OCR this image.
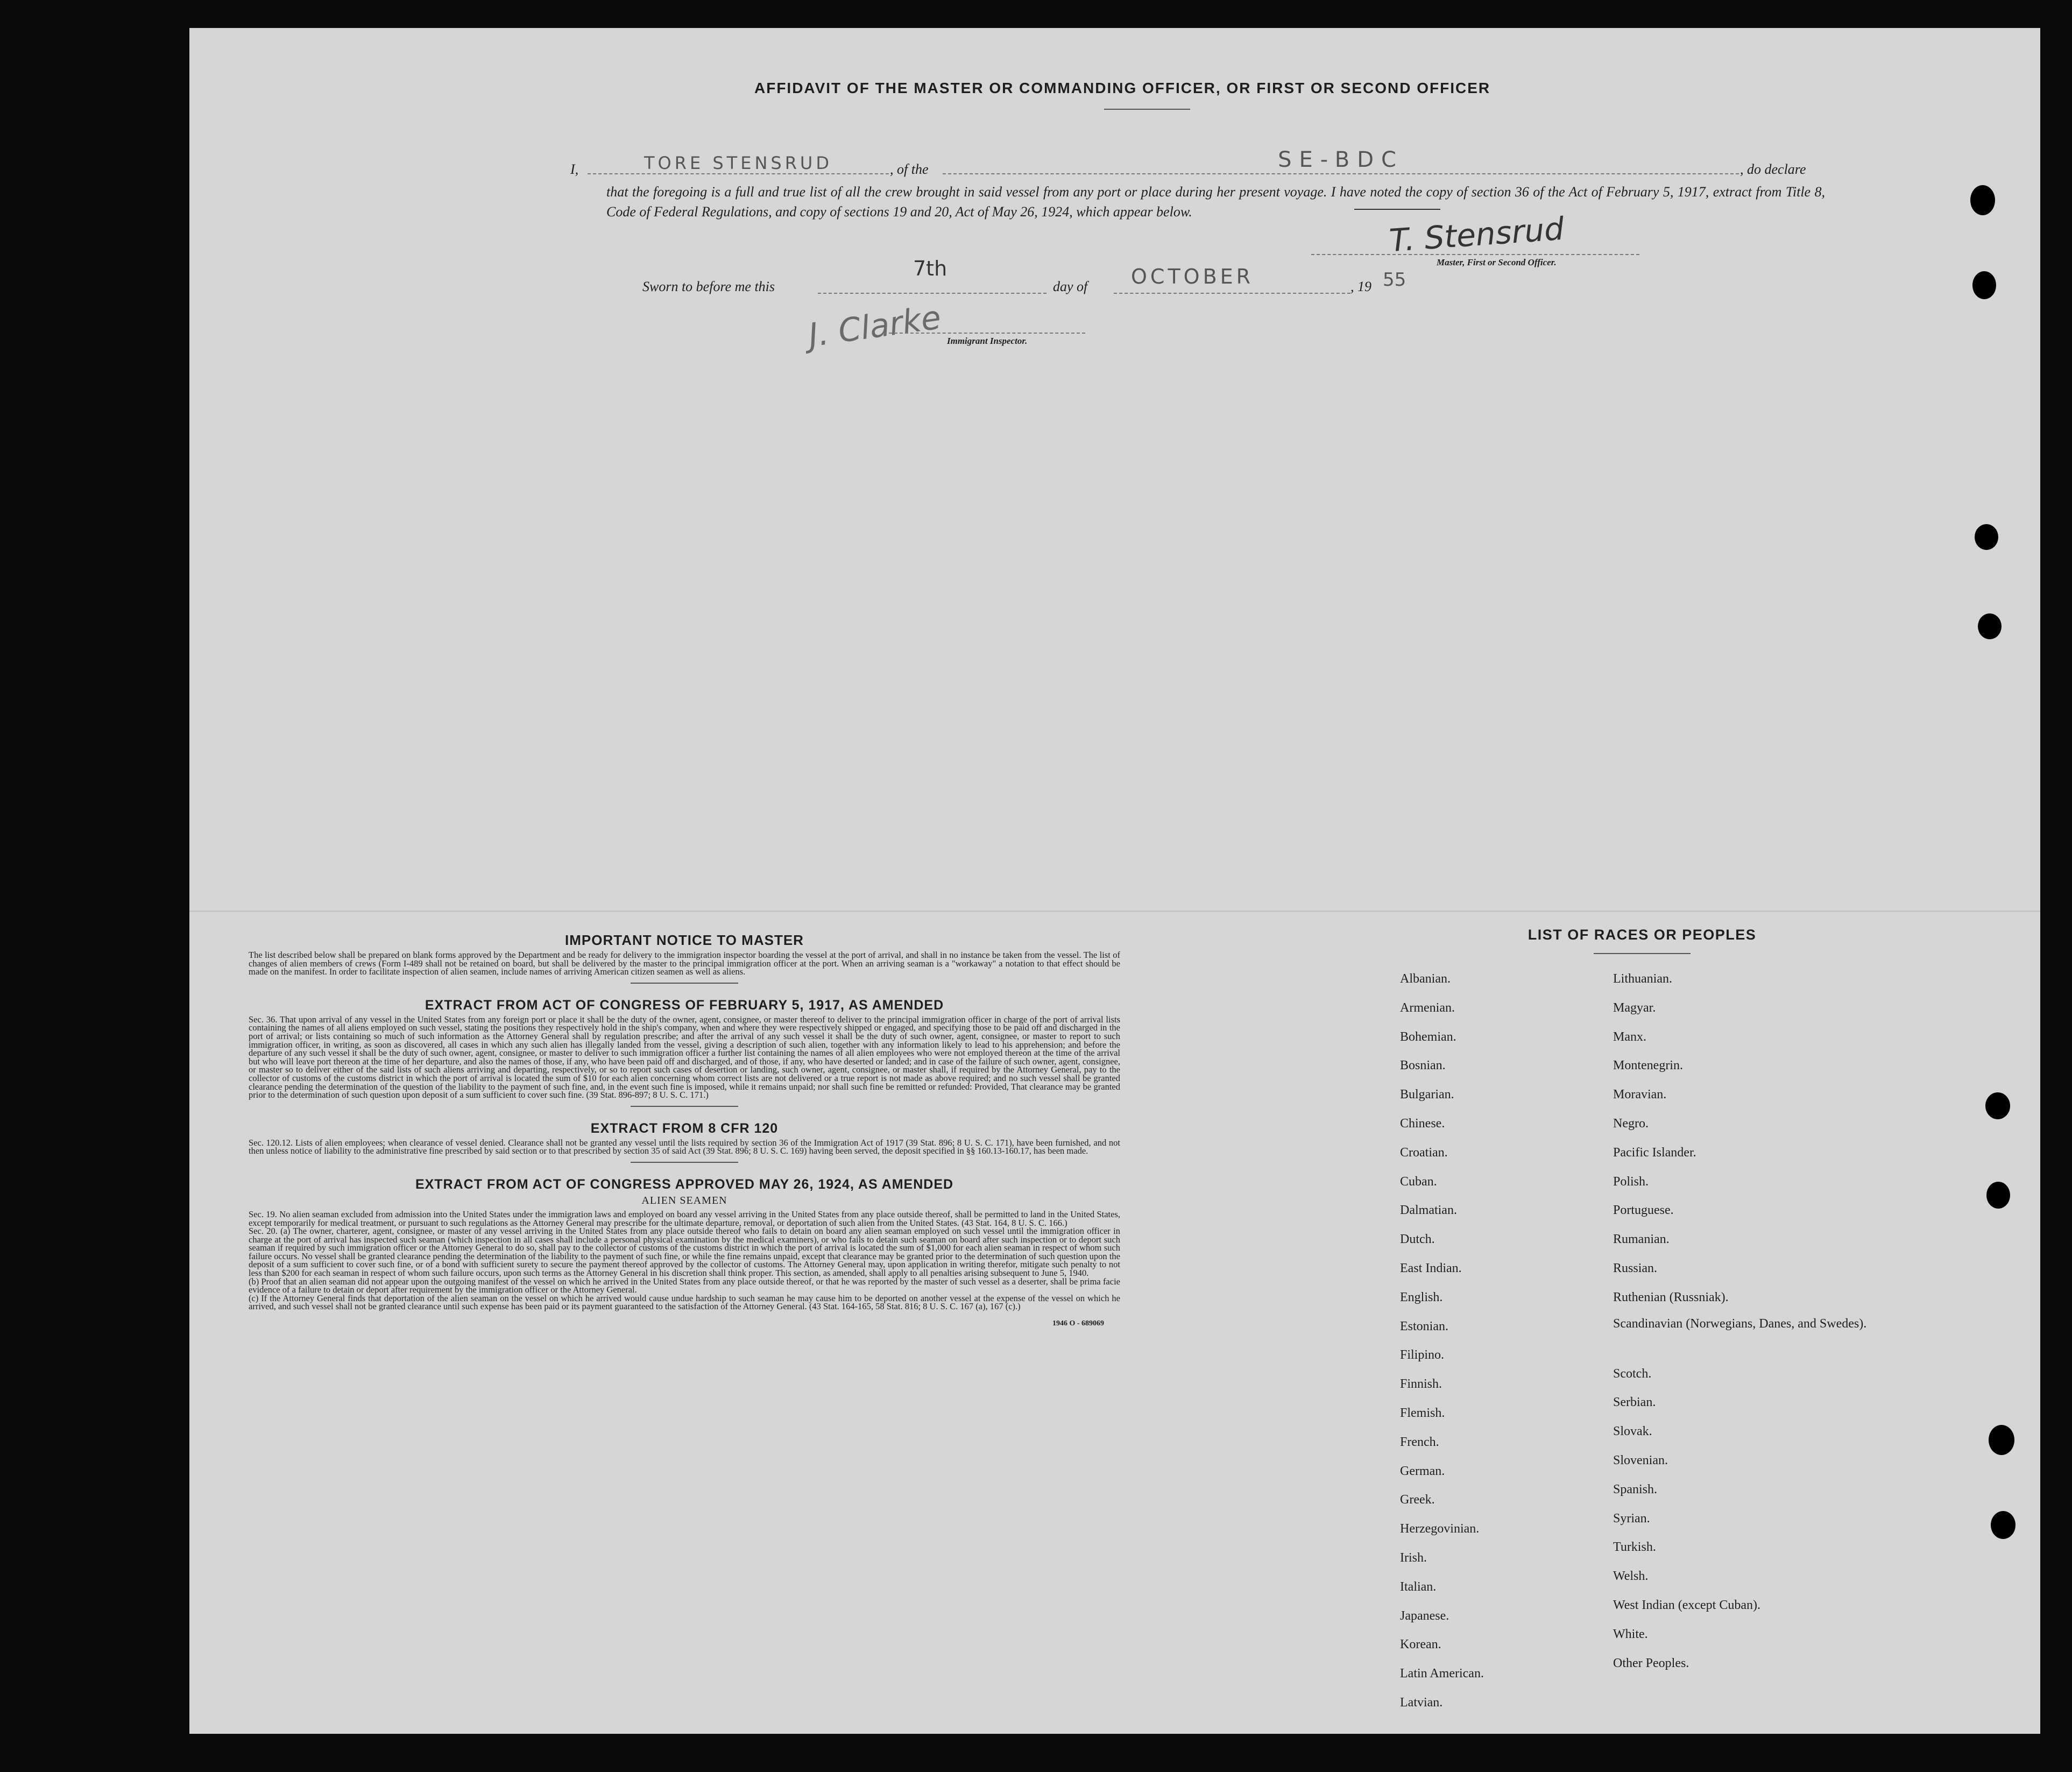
AFFIDAVIT OF THE MASTER OR COMMANDING OFFICER, OR FIRST OR SECOND OFFICER
I,	TORE STENSRUD	, of the	SE-BDC	, do declare
that the foregoing is a full and true list of all the crew brought in said vessel from any port or place during her present voyage. I have noted the copy of section 36 of the Act of February 5, 1917, extract from Title 8, Code of Federal Regulations, and copy of sections 19 and 20, Act of May 26, 1924, which appear below.	T. Stensrud
Master, First or Second Officer.
Sworn to before me this
7th
day of OCTOBER	, 19 55
J. Clarke Immigrant Inspector.
IMPORTANT NOTICE TO MASTER

The list described below shall be prepared on blank forms approved by the Department and be ready for delivery to the immigration inspector boarding the vessel at the port of arrival, and shall in no instance be taken from the vessel. The list of changes of alien members of crews (Form I-489 shall not be retained on board, but shall be delivered by the master to the principal immigration officer at the port. When an arriving seaman is a "workaway" a notation to that effect should be made on the manifest. In order to facilitate inspection of alien seamen, include names of arriving American citizen seamen as well as aliens.

EXTRACT FROM ACT OF CONGRESS OF FEBRUARY 5, 1917, AS AMENDED

Sec. 36. That upon arrival of any vessel in the United States from any foreign port or place it shall be the duty of the owner, agent, consignee, or master thereof to deliver to the principal immigration officer in charge of the port of arrival lists containing the names of all aliens employed on such vessel, stating the positions they respectively hold in the ship's company, when and where they were respectively shipped or engaged, and specifying those to be paid off and discharged in the port of arrival; or lists containing so much of such information as the Attorney General shall by regulation prescribe; and after the arrival of any such vessel it shall be the duty of such owner, agent, consignee, or master to report to such immigration officer, in writing, as soon as discovered, all cases in which any such alien has illegally landed from the vessel, giving a description of such alien, together with any information likely to lead to his apprehension; and before the departure of any such vessel it shall be the duty of such owner, agent, consignee, or master to deliver to such immigration officer a further list containing the names of all alien employees who were not employed thereon at the time of the arrival but who will leave port thereon at the time of her departure, and also the names of those, if any, who have been paid off and discharged, and of those, if any, who have deserted or landed; and in case of the failure of such owner, agent, consignee, or master so to deliver either of the said lists of such aliens arriving and departing, respectively, or so to report such cases of desertion or landing, such owner, agent, consignee, or master shall, if required by the Attorney General, pay to the collector of customs of the customs district in which the port of arrival is located the sum of $10 for each alien concerning whom correct lists are not delivered or a true report is not made as above required; and no such vessel shall be granted clearance pending the determination of the question of the liability to the payment of such fine, and, in the event such fine is imposed, while it remains unpaid; nor shall such fine be remitted or refunded: Provided, That clearance may be granted prior to the determination of such question upon deposit of a sum sufficient to cover such fine. (39 Stat. 896-897; 8 U. S. C. 171.)

EXTRACT FROM 8 CFR 120

Sec. 120.12. Lists of alien employees; when clearance of vessel denied. Clearance shall not be granted any vessel until the lists required by section 36 of the Immigration Act of 1917 (39 Stat. 896; 8 U. S. C. 171), have been furnished, and not then unless notice of liability to the administrative fine prescribed by said section or to that prescribed by section 35 of said Act (39 Stat. 896; 8 U. S. C. 169) having been served, the deposit specified in §§ 160.13-160.17, has been made.

EXTRACT FROM ACT OF CONGRESS APPROVED MAY 26, 1924, AS AMENDED
ALIEN SEAMEN

Sec. 19. No alien seaman excluded from admission into the United States under the immigration laws and employed on board any vessel arriving in the United States from any place outside thereof, shall be permitted to land in the United States, except temporarily for medical treatment, or pursuant to such regulations as the Attorney General may prescribe for the ultimate departure, removal, or deportation of such alien from the United States. (43 Stat. 164, 8 U. S. C. 166.)

Sec. 20. (a) The owner, charterer, agent, consignee, or master of any vessel arriving in the United States from any place outside thereof who fails to detain on board any alien seaman employed on such vessel until the immigration officer in charge at the port of arrival has inspected such seaman (which inspection in all cases shall include a personal physical examination by the medical examiners), or who fails to detain such seaman on board after such inspection or to deport such seaman if required by such immigration officer or the Attorney General to do so, shall pay to the collector of customs of the customs district in which the port of arrival is located the sum of $1,000 for each alien seaman in respect of whom such failure occurs. No vessel shall be granted clearance pending the determination of the liability to the payment of such fine, or while the fine remains unpaid, except that clearance may be granted prior to the determination of such question upon the deposit of a sum sufficient to cover such fine, or of a bond with sufficient surety to secure the payment thereof approved by the collector of customs. The Attorney General may, upon application in writing therefor, mitigate such penalty to not less than $200 for each seaman in respect of whom such failure occurs, upon such terms as the Attorney General in his discretion shall think proper. This section, as amended, shall apply to all penalties arising subsequent to June 5, 1940.

(b) Proof that an alien seaman did not appear upon the outgoing manifest of the vessel on which he arrived in the United States from any place outside thereof, or that he was reported by the master of such vessel as a deserter, shall be prima facie evidence of a failure to detain or deport after requirement by the immigration officer or the Attorney General.

(c) If the Attorney General finds that deportation of the alien seaman on the vessel on which he arrived would cause undue hardship to such seaman he may cause him to be deported on another vessel at the expense of the vessel on which he arrived, and such vessel shall not be granted clearance until such expense has been paid or its payment guaranteed to the satisfaction of the Attorney General. (43 Stat. 164-165, 58 Stat. 816; 8 U. S. C. 167 (a), 167 (c).)

1946 O - 689069
LIST OF RACES OR PEOPLES
Albanian.
Armenian.
Bohemian.
Bosnian.
Bulgarian.
Chinese.
Croatian.
Cuban.
Dalmatian.
Dutch.
East Indian.
English.
Estonian.
Filipino.
Finnish.
Flemish.
French.
German.
Greek.
Herzegovinian.
Irish.
Italian.
Japanese.
Korean.
Latin American.
Latvian.
Lithuanian.
Magyar.
Manx.
Montenegrin.
Moravian.
Negro.
Pacific Islander.
Polish.
Portuguese.
Rumanian.
Russian.
Ruthenian (Russniak).
Scandinavian (Norwegians, Danes, and Swedes).
Scotch.
Serbian.
Slovak.
Slovenian.
Spanish.
Syrian.
Turkish.
Welsh.
West Indian (except Cuban).
White.
Other Peoples.
